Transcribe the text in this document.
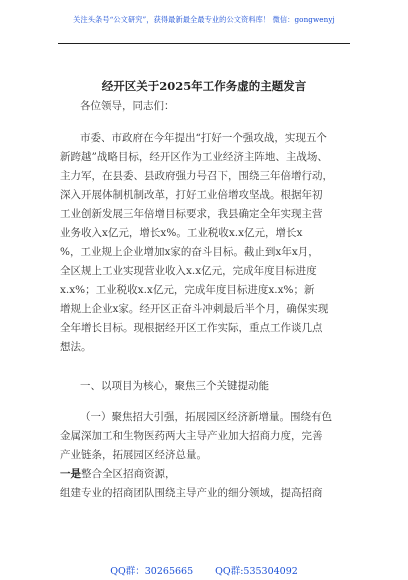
关注头条号“公文研究”，获得最新最全最专业的公文资料库！ 微信：gongwenyj
经开区关于2025年工作务虚的主题发言
各位领导，同志们：
市委、市政府在今年提出“打好一个强攻战，实现五个
新跨越”战略目标，经开区作为工业经济主阵地、主战场、
主力军，在县委、县政府强力号召下，围绕三年倍增行动，
深入开展体制机制改革，打好工业倍增攻坚战。根据年初
工业创新发展三年倍增目标要求，我县确定全年实现主营
业务收入x亿元，增长x%。工业税收x.x亿元，增长x
%，工业规上企业增加x家的奋斗目标。截止到x年x月，
全区规上工业实现营业收入x.x亿元，完成年度目标进度
x.x%；工业税收x.x亿元，完成年度目标进度x.x%；新
增规上企业x家。经开区正奋斗冲刺最后半个月，确保实现
全年增长目标。现根据经开区工作实际，重点工作谈几点
想法。
一、以项目为核心，聚焦三个关键提动能
（一）聚焦招大引强，拓展园区经济新增量。围绕有色
金属深加工和生物医药两大主导产业加大招商力度，完善
产业链条，拓展园区经济总量。
一是整合全区招商资源，
组建专业的招商团队围绕主导产业的细分领域，提高招商
QQ群：30265665 QQ群:535304092
